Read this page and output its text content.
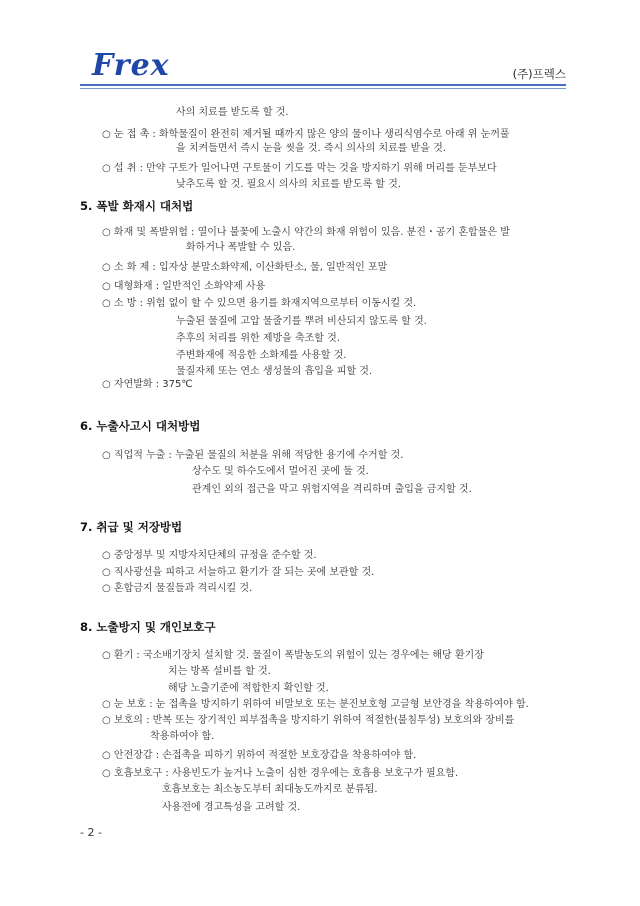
Frex	(주)프렉스
사의 치료를 받도록 할 것.
○ 눈 접 촉 : 화학물질이 완전히 제거될 때까지 많은 양의 물이나 생리식염수로 아래 위 눈꺼풀
을 치켜들면서 즉시 눈을 씻을 것. 즉시 의사의 치료를 받을 것.
○ 섭 취 : 만약 구토가 일어나면 구토물이 기도를 막는 것을 방지하기 위해 머리를 둔부보다
낮추도록 할 것. 필요시 의사의 치료를 받도록 할 것.
5. 폭발 화재시 대처법
○ 화재 및 폭발위험 : 열이나 불꽃에 노출시 약간의 화재 위험이 있음. 분진・공기 혼합물은 발
화하거나 폭발할 수 있음.
○ 소 화 제 : 입자상 분말소화약제, 이산화탄소, 물, 일반적인 포말
○ 대형화재 : 일반적인 소화약제 사용
○ 소 방 : 위험 없이 할 수 있으면 용기를 화재지역으로부터 이동시킬 것.
누출된 물질에 고압 물줄기를 뿌려 비산되지 않도록 할 것.
추후의 처리를 위한 제방을 축조할 것.
주변화재에 적응한 소화제를 사용할 것.
물질자체 또는 연소 생성물의 흡입을 피할 것.
○ 자연발화 : 375℃
6. 누출사고시 대처방법
○ 직업적 누출 : 누출된 물질의 처분을 위해 적당한 용기에 수거할 것.
상수도 및 하수도에서 멀어진 곳에 둘 것.
관계인 외의 접근을 막고 위험지역을 격리하며 출입을 금지할 것.
7. 취급 및 저장방법
○ 중앙정부 및 지방자치단체의 규정을 준수할 것.
○ 직사광선을 피하고 서늘하고 환기가 잘 되는 곳에 보관할 것.
○ 혼합금지 물질들과 격리시킬 것.
8. 노출방지 및 개인보호구
○ 환기 : 국소배기장치 설치할 것. 물질이 폭발농도의 위험이 있는 경우에는 해당 환기장
치는 방폭 설비를 할 것.
해당 노출기준에 적합한지 확인할 것.
○ 눈 보호 : 눈 접촉을 방지하기 위하여 비말보호 또는 분진보호형 고글형 보안경을 착용하여야 함.
○ 보호의 : 반복 또는 장기적인 피부접촉을 방지하기 위하여 적절한(불침투성) 보호의와 장비를
착용하여야 함.
○ 안전장갑 : 손접촉을 피하기 위하여 적절한 보호장갑을 착용하여야 함.
○ 호흡보호구 : 사용빈도가 높거나 노출이 심한 경우에는 호흡용 보호구가 필요함.
호흡보호는 최소농도부터 최대농도까지로 분류됨.
사용전에 경고특성을 고려할 것.
- 2 -
